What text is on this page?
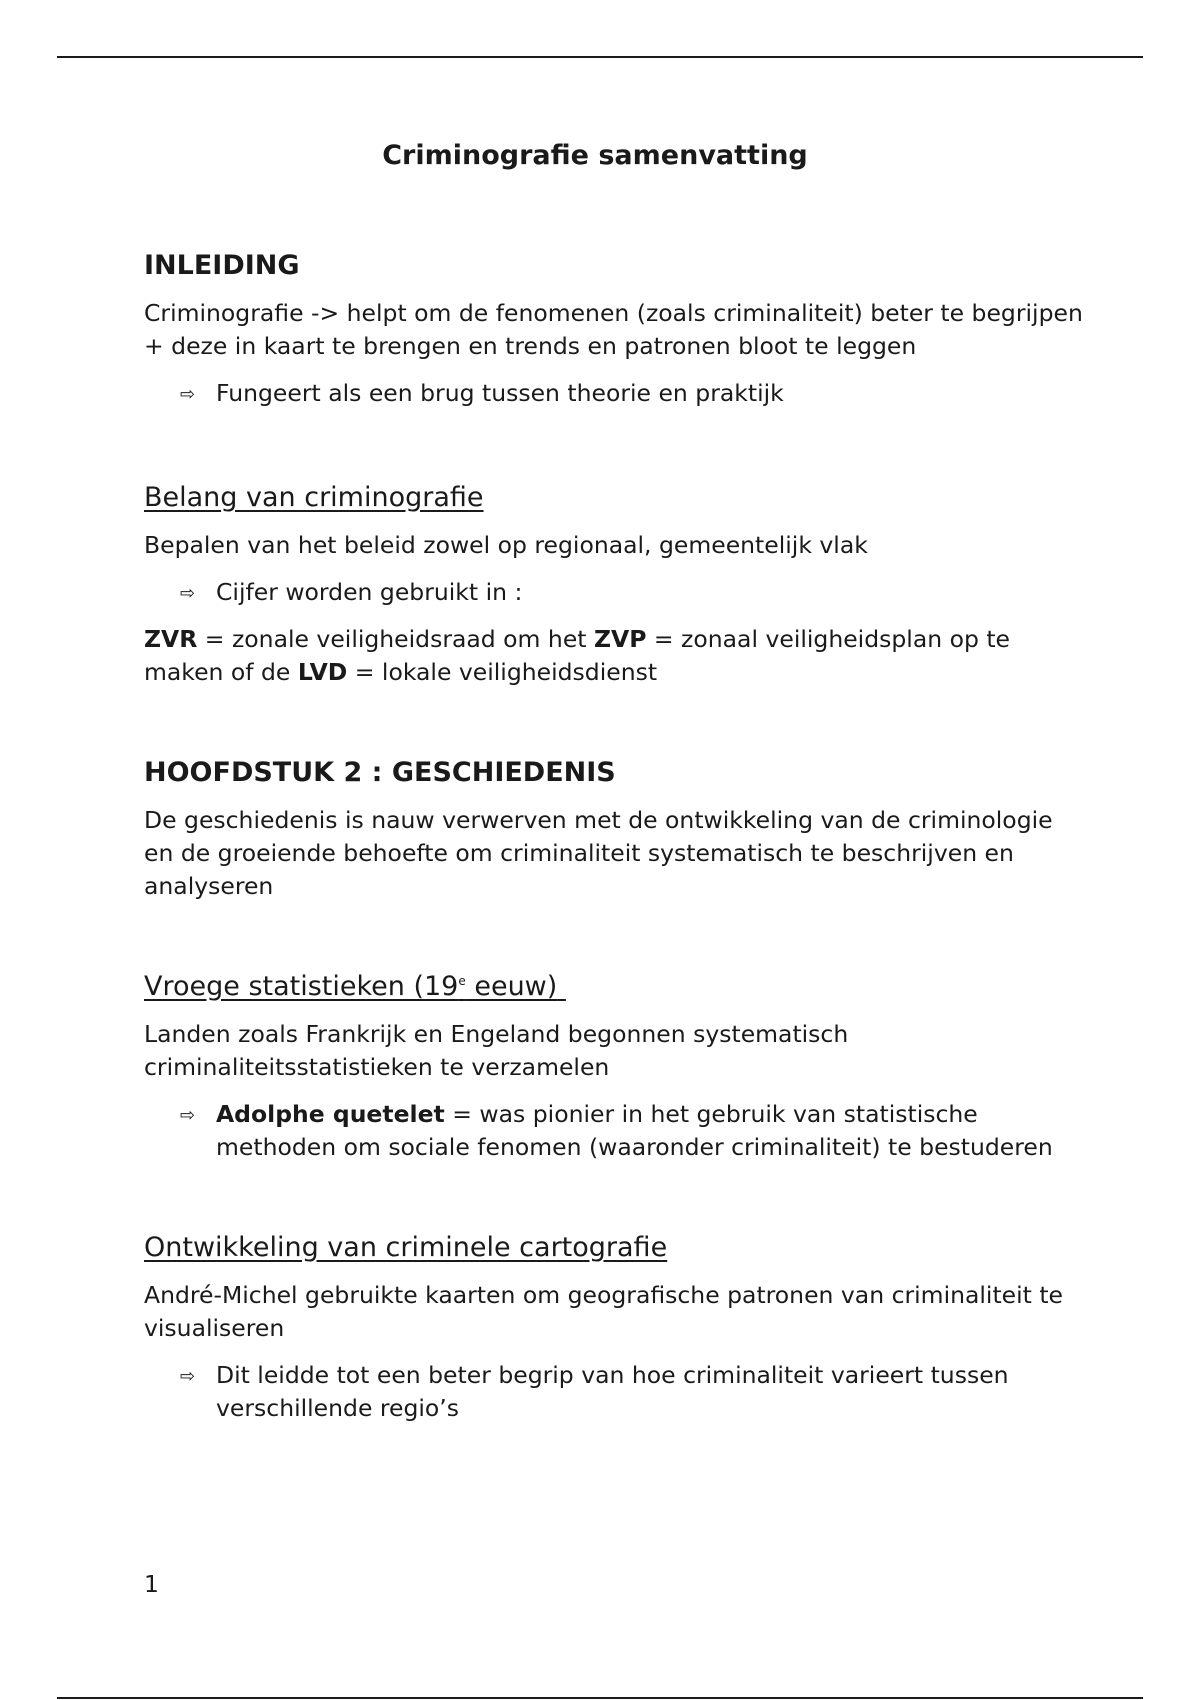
Criminografie samenvatting
INLEIDING

Criminografie -> helpt om de fenomenen (zoals criminaliteit) beter te begrijpen + deze in kaart te brengen en trends en patronen bloot te leggen

⇨ Fungeert als een brug tussen theorie en praktijk
Belang van criminografie

Bepalen van het beleid zowel op regionaal, gemeentelijk vlak

⇨ Cijfer worden gebruikt in :

ZVR = zonale veiligheidsraad om het ZVP = zonaal veiligheidsplan op te maken of de LVD = lokale veiligheidsdienst

HOOFDSTUK 2 : GESCHIEDENIS

De geschiedenis is nauw verwerven met de ontwikkeling van de criminologie en de groeiende behoefte om criminaliteit systematisch te beschrijven en analyseren

Vroege statistieken (19e eeuw)

Landen zoals Frankrijk en Engeland begonnen systematisch criminaliteitsstatistieken te verzamelen

⇨ Adolphe quetelet = was pionier in het gebruik van statistische methoden om sociale fenomen (waaronder criminaliteit) te bestuderen
Ontwikkeling van criminele cartografie

André-Michel gebruikte kaarten om geografische patronen van criminaliteit te visualiseren

⇨ Dit leidde tot een beter begrip van hoe criminaliteit varieert tussen verschillende regio’s
1
